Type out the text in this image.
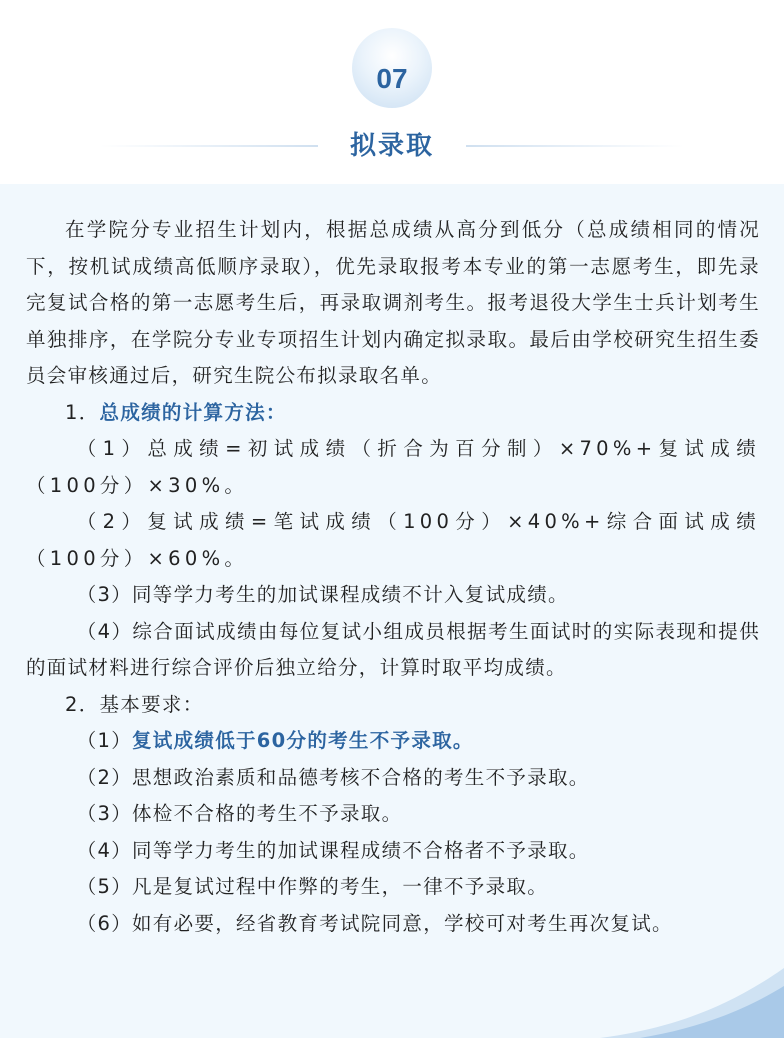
07
拟录取

在学院分专业招生计划内，根据总成绩从高分到低分（总成绩相同的情况下，按机试成绩高低顺序录取），优先录取报考本专业的第一志愿考生，即先录完复试合格的第一志愿考生后，再录取调剂考生。报考退役大学生士兵计划考生单独排序，在学院分专业专项招生计划内确定拟录取。最后由学校研究生招生委员会审核通过后，研究生院公布拟录取名单。

1．总成绩的计算方法：

（1）总成绩=初试成绩（折合为百分制）×70%+复试成绩（100分）×30%。

（2）复试成绩=笔试成绩（100分）×40%+综合面试成绩（100分）×60%。

（3）同等学力考生的加试课程成绩不计入复试成绩。

（4）综合面试成绩由每位复试小组成员根据考生面试时的实际表现和提供的面试材料进行综合评价后独立给分，计算时取平均成绩。

2．基本要求：

（1）复试成绩低于60分的考生不予录取。

（2）思想政治素质和品德考核不合格的考生不予录取。

（3）体检不合格的考生不予录取。

（4）同等学力考生的加试课程成绩不合格者不予录取。

（5）凡是复试过程中作弊的考生，一律不予录取。

（6）如有必要，经省教育考试院同意，学校可对考生再次复试。
